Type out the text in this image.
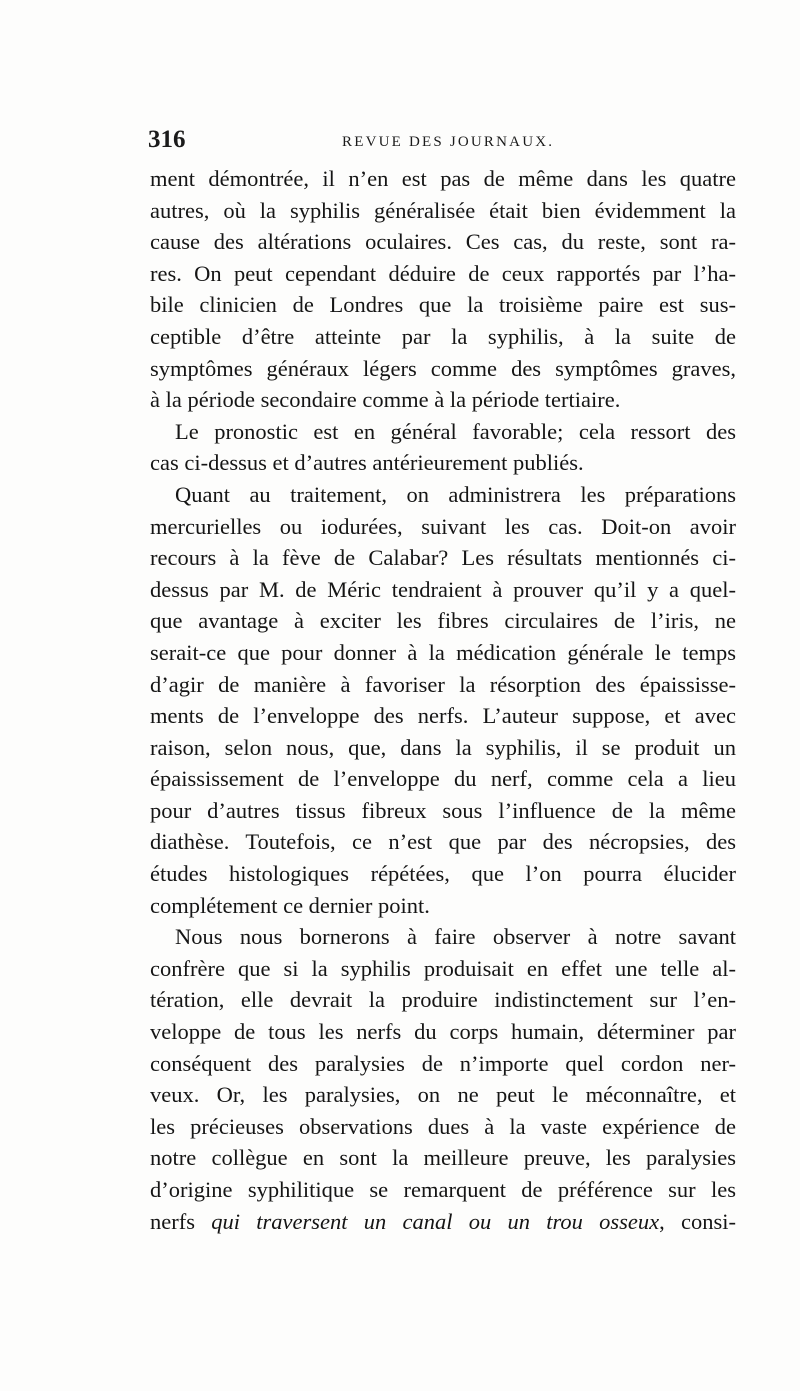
316	REVUE DES JOURNAUX.
ment démontrée, il n’en est pas de même dans les quatre
autres, où la syphilis généralisée était bien évidemment la
cause des altérations oculaires. Ces cas, du reste, sont ra-
res. On peut cependant déduire de ceux rapportés par l’ha-
bile clinicien de Londres que la troisième paire est sus-
ceptible d’être atteinte par la syphilis, à la suite de
symptômes généraux légers comme des symptômes graves,
à la période secondaire comme à la période tertiaire.
Le pronostic est en général favorable; cela ressort des
cas ci-dessus et d’autres antérieurement publiés.
Quant au traitement, on administrera les préparations
mercurielles ou iodurées, suivant les cas. Doit-on avoir
recours à la fève de Calabar? Les résultats mentionnés ci-
dessus par M. de Méric tendraient à prouver qu’il y a quel-
que avantage à exciter les fibres circulaires de l’iris, ne
serait-ce que pour donner à la médication générale le temps
d’agir de manière à favoriser la résorption des épaississe-
ments de l’enveloppe des nerfs. L’auteur suppose, et avec
raison, selon nous, que, dans la syphilis, il se produit un
épaississement de l’enveloppe du nerf, comme cela a lieu
pour d’autres tissus fibreux sous l’influence de la même
diathèse. Toutefois, ce n’est que par des nécropsies, des
études histologiques répétées, que l’on pourra élucider
complétement ce dernier point.
Nous nous bornerons à faire observer à notre savant
confrère que si la syphilis produisait en effet une telle al-
tération, elle devrait la produire indistinctement sur l’en-
veloppe de tous les nerfs du corps humain, déterminer par
conséquent des paralysies de n’importe quel cordon ner-
veux. Or, les paralysies, on ne peut le méconnaître, et
les précieuses observations dues à la vaste expérience de
notre collègue en sont la meilleure preuve, les paralysies
d’origine syphilitique se remarquent de préférence sur les
nerfs qui traversent un canal ou un trou osseux, consi-
